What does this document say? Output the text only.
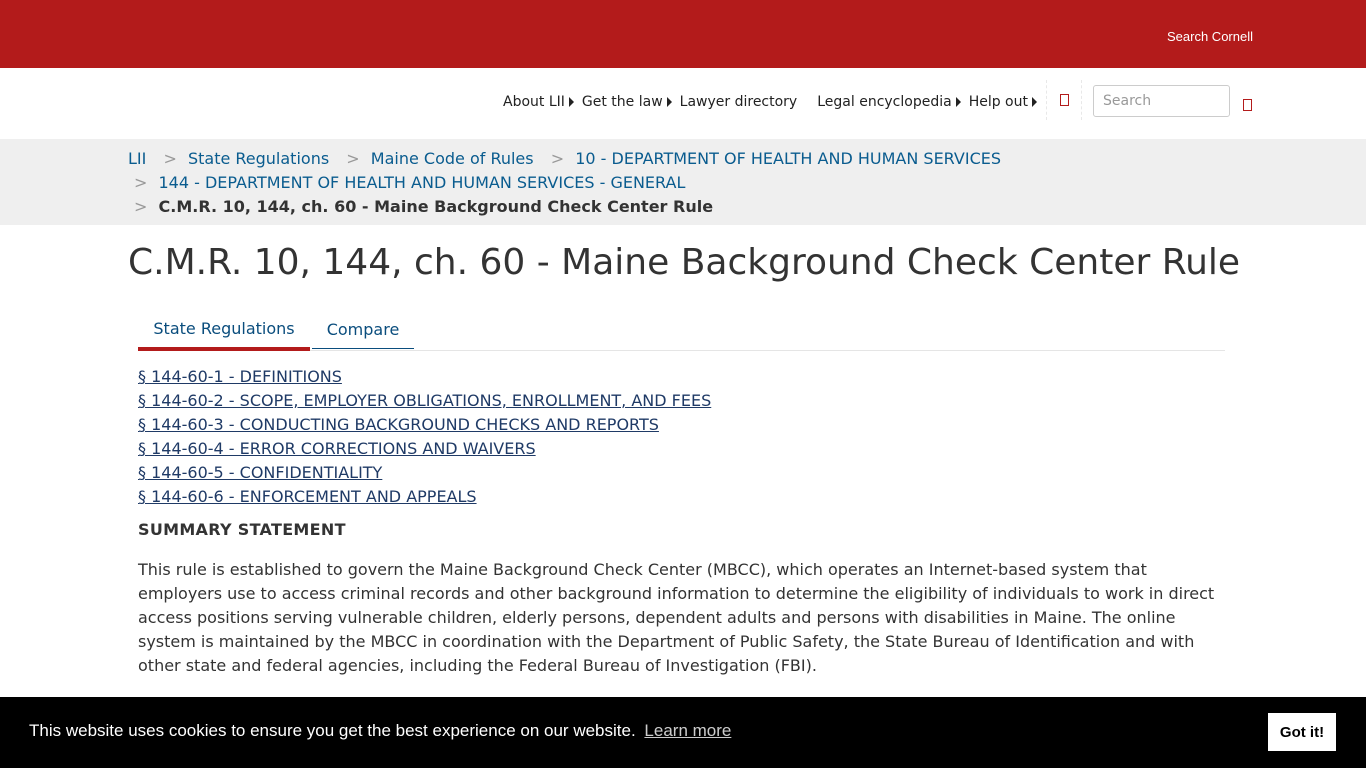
Search Cornell
About LII Get the law Lawyer directory Legal encyclopedia Help out
Search
LII > State Regulations > Maine Code of Rules > 10 - DEPARTMENT OF HEALTH AND HUMAN SERVICES
> 144 - DEPARTMENT OF HEALTH AND HUMAN SERVICES - GENERAL
> C.M.R. 10, 144, ch. 60 - Maine Background Check Center Rule
C.M.R. 10, 144, ch. 60 - Maine Background Check Center Rule
State Regulations	Compare
§ 144-60-1 - DEFINITIONS
§ 144-60-2 - SCOPE, EMPLOYER OBLIGATIONS, ENROLLMENT, AND FEES
§ 144-60-3 - CONDUCTING BACKGROUND CHECKS AND REPORTS
§ 144-60-4 - ERROR CORRECTIONS AND WAIVERS
§ 144-60-5 - CONFIDENTIALITY
§ 144-60-6 - ENFORCEMENT AND APPEALS
SUMMARY STATEMENT

This rule is established to govern the Maine Background Check Center (MBCC), which operates an Internet-based system that employers use to access criminal records and other background information to determine the eligibility of individuals to work in direct access positions serving vulnerable children, elderly persons, dependent adults and persons with disabilities in Maine. The online system is maintained by the MBCC in coordination with the Department of Public Safety, the State Bureau of Identification and with other state and federal agencies, including the Federal Bureau of Investigation (FBI).

This website uses cookies to ensure you get the best experience on our website. Learn more	Got it!
